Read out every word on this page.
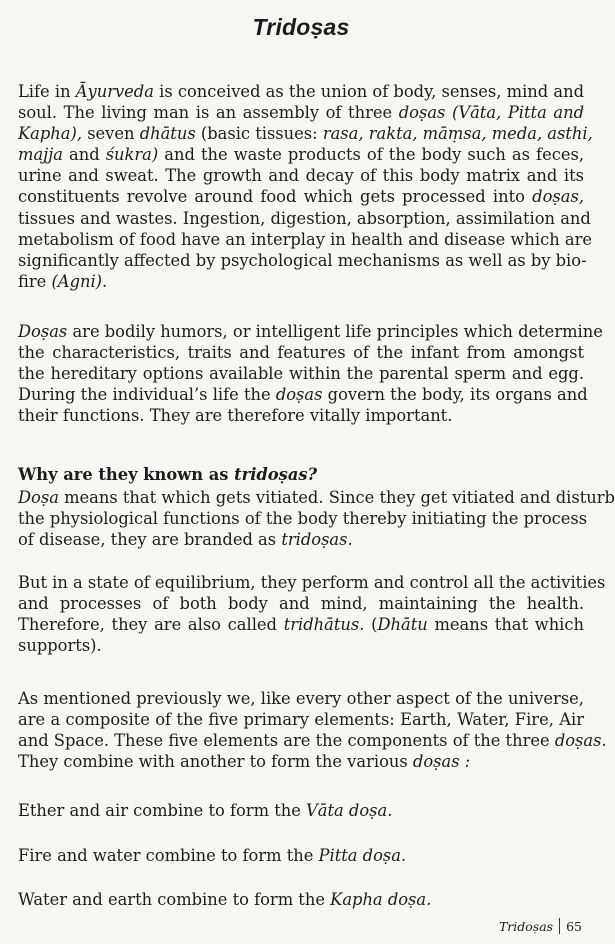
Tridoṣas
Life in Āyurveda is conceived as the union of body, senses, mind and
soul. The living man is an assembly of three doṣas (Vāta, Pitta and
Kapha), seven dhātus (basic tissues: rasa, rakta, māṃsa, meda, asthi,
majja and śukra) and the waste products of the body such as feces,
urine and sweat. The growth and decay of this body matrix and its
constituents revolve around food which gets processed into doṣas,
tissues and wastes. Ingestion, digestion, absorption, assimilation and
metabolism of food have an interplay in health and disease which are
significantly affected by psychological mechanisms as well as by bio-
fire (Agni).
Doṣas are bodily humors, or intelligent life principles which determine
the characteristics, traits and features of the infant from amongst
the hereditary options available within the parental sperm and egg.
During the individual’s life the doṣas govern the body, its organs and
their functions. They are therefore vitally important.
Why are they known as tridoṣas?
Doṣa means that which gets vitiated. Since they get vitiated and disturb
the physiological functions of the body thereby initiating the process
of disease, they are branded as tridoṣas.
But in a state of equilibrium, they perform and control all the activities
and processes of both body and mind, maintaining the health.
Therefore, they are also called tridhātus. (Dhātu means that which
supports).
As mentioned previously we, like every other aspect of the universe,
are a composite of the five primary elements: Earth, Water, Fire, Air
and Space. These five elements are the components of the three doṣas.
They combine with another to form the various doṣas :
Ether and air combine to form the Vāta doṣa.
Fire and water combine to form the Pitta doṣa.
Water and earth combine to form the Kapha doṣa.
Tridoṣas 65
